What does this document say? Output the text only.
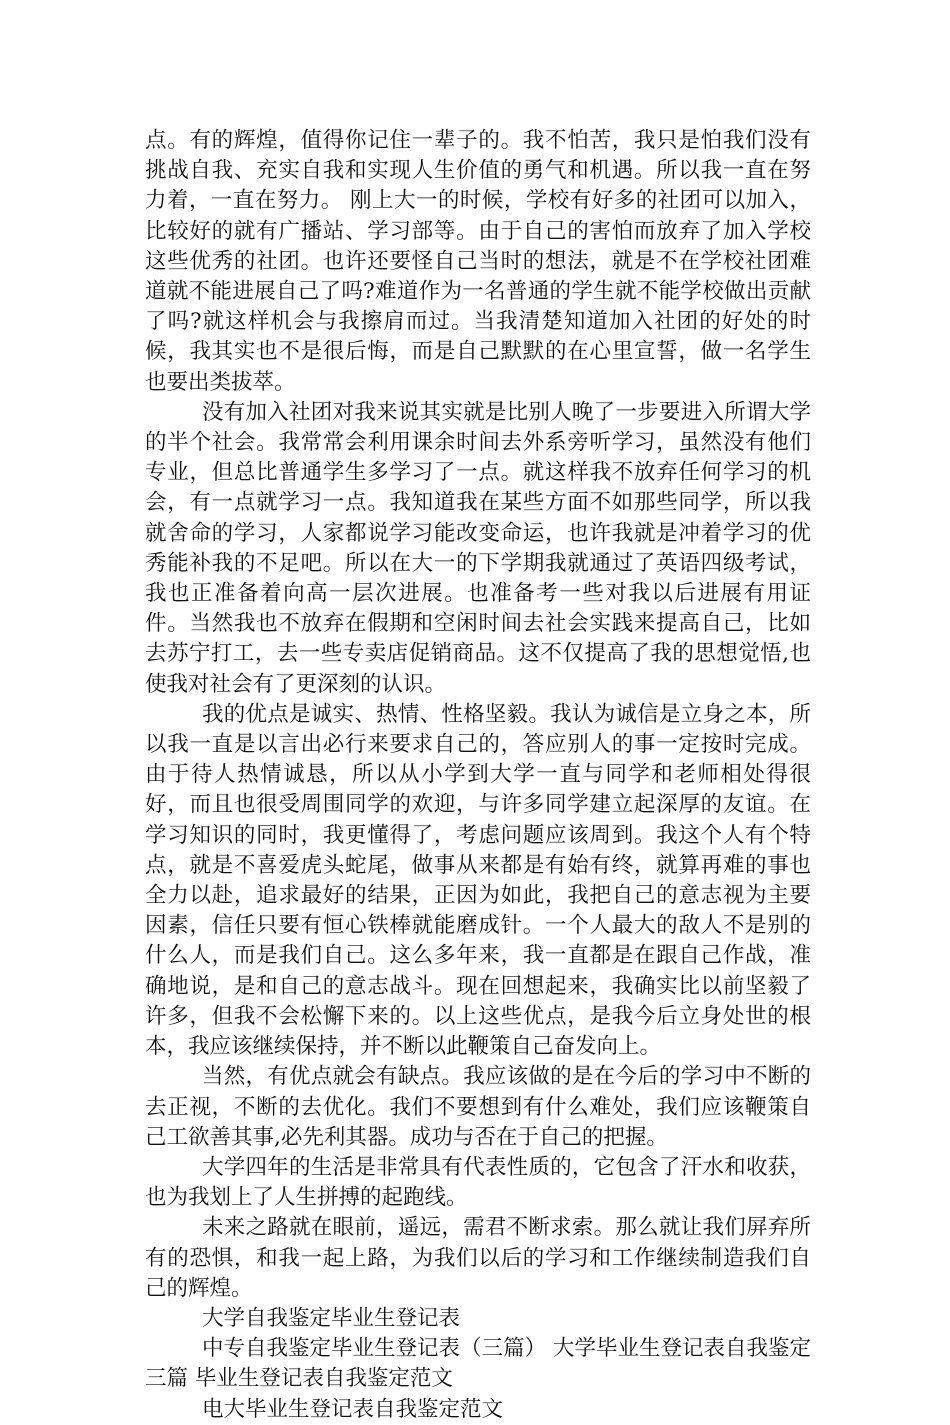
点。有的辉煌，值得你记住一辈子的。我不怕苦，我只是怕我们没有挑战自我、充实自我和实现人生价值的勇气和机遇。所以我一直在努力着，一直在努力。 刚上大一的时候，学校有好多的社团可以加入，比较好的就有广播站、学习部等。由于自己的害怕而放弃了加入学校这些优秀的社团。也许还要怪自己当时的想法，就是不在学校社团难道就不能进展自己了吗?难道作为一名普通的学生就不能学校做出贡献了吗?就这样机会与我擦肩而过。当我清楚知道加入社团的好处的时候，我其实也不是很后悔，而是自己默默的在心里宣誓，做一名学生也要出类拔萃。

没有加入社团对我来说其实就是比别人晚了一步要进入所谓大学的半个社会。我常常会利用课余时间去外系旁听学习，虽然没有他们专业，但总比普通学生多学习了一点。就这样我不放弃任何学习的机会，有一点就学习一点。我知道我在某些方面不如那些同学，所以我就舍命的学习，人家都说学习能改变命运，也许我就是冲着学习的优秀能补我的不足吧。所以在大一的下学期我就通过了英语四级考试，我也正准备着向高一层次进展。也准备考一些对我以后进展有用证件。当然我也不放弃在假期和空闲时间去社会实践来提高自己，比如去苏宁打工，去一些专卖店促销商品。这不仅提高了我的思想觉悟,也使我对社会有了更深刻的认识。

我的优点是诚实、热情、性格坚毅。我认为诚信是立身之本，所以我一直是以言出必行来要求自己的，答应别人的事一定按时完成。由于待人热情诚恳，所以从小学到大学一直与同学和老师相处得很好，而且也很受周围同学的欢迎，与许多同学建立起深厚的友谊。在学习知识的同时，我更懂得了，考虑问题应该周到。我这个人有个特点，就是不喜爱虎头蛇尾，做事从来都是有始有终，就算再难的事也全力以赴，追求最好的结果，正因为如此，我把自己的意志视为主要因素，信任只要有恒心铁棒就能磨成针。一个人最大的敌人不是别的什么人，而是我们自己。这么多年来，我一直都是在跟自己作战，准确地说，是和自己的意志战斗。现在回想起来，我确实比以前坚毅了许多，但我不会松懈下来的。以上这些优点，是我今后立身处世的根本，我应该继续保持，并不断以此鞭策自己奋发向上。

当然，有优点就会有缺点。我应该做的是在今后的学习中不断的去正视，不断的去优化。我们不要想到有什么难处，我们应该鞭策自己工欲善其事,必先利其器。成功与否在于自己的把握。

大学四年的生活是非常具有代表性质的，它包含了汗水和收获，也为我划上了人生拼搏的起跑线。

未来之路就在眼前，遥远，需君不断求索。那么就让我们屏弃所有的恐惧，和我一起上路，为我们以后的学习和工作继续制造我们自己的辉煌。

大学自我鉴定毕业生登记表

中专自我鉴定毕业生登记表（三篇） 大学毕业生登记表自我鉴定三篇 毕业生登记表自我鉴定范文

电大毕业生登记表自我鉴定范文
